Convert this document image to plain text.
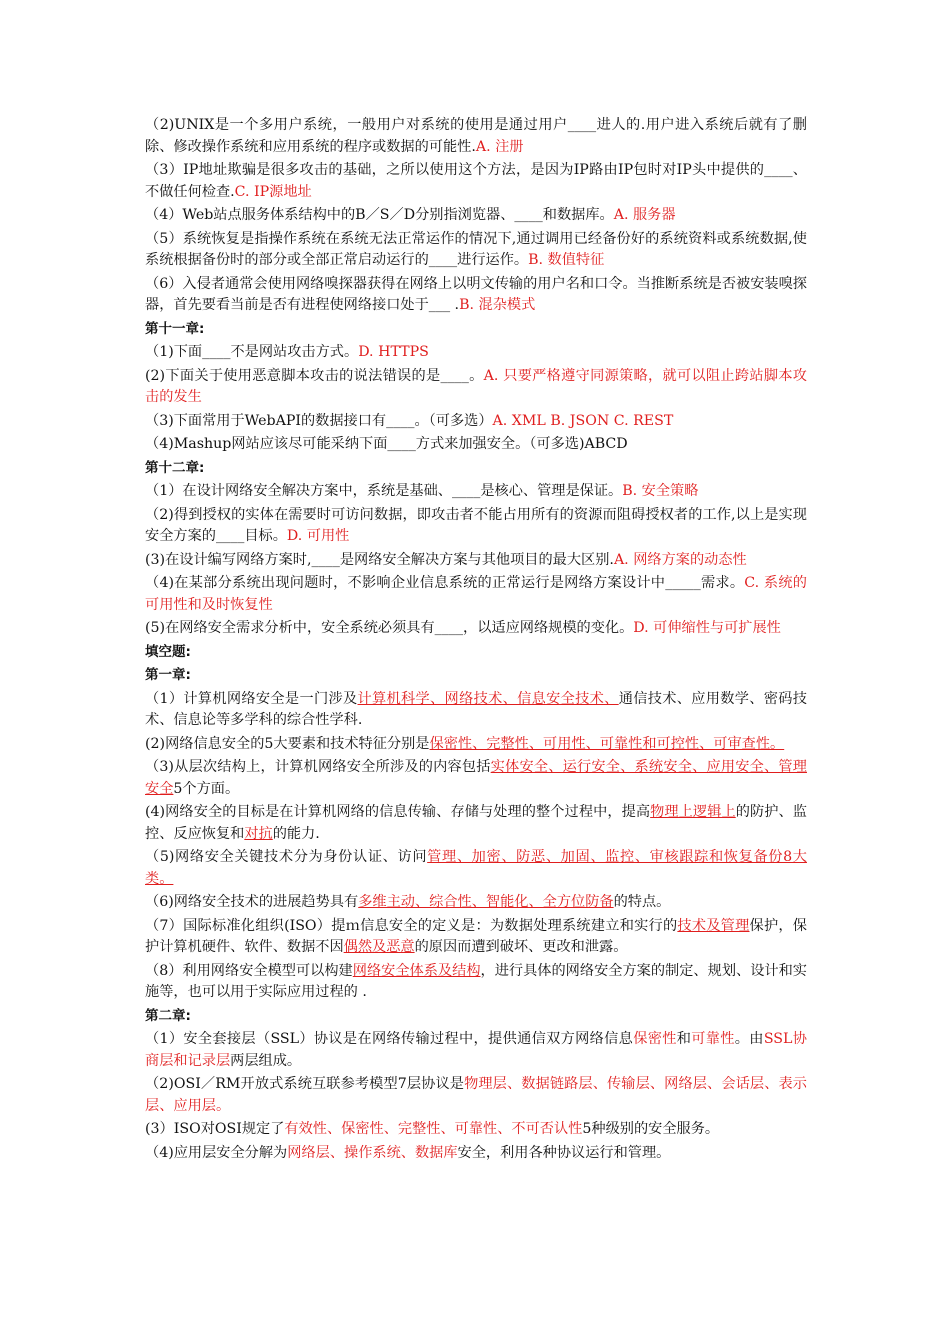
（2)UNIX是一个多用户系统，一般用户对系统的使用是通过用户____进人的.用户进入系统后就有了删除、修改操作系统和应用系统的程序或数据的可能性.A. 注册
（3）IP地址欺骗是很多攻击的基础，之所以使用这个方法，是因为IP路由IP包时对IP头中提供的____、不做任何检查.C. IP源地址
（4）Web站点服务体系结构中的B／S／D分别指浏览器、____和数据库。A. 服务器
（5）系统恢复是指操作系统在系统无法正常运作的情况下,通过调用已经备份好的系统资料或系统数据,使系统根据备份时的部分或全部正常启动运行的____进行运作。B. 数值特征
（6）入侵者通常会使用网络嗅探器获得在网络上以明文传输的用户名和口令。当推断系统是否被安装嗅探器，首先要看当前是否有进程使网络接口处于___ .B. 混杂模式
第十一章:
（1)下面____不是网站攻击方式。D. HTTPS
(2)下面关于使用恶意脚本攻击的说法错误的是____。A. 只要严格遵守同源策略，就可以阻止跨站脚本攻击的发生
（3)下面常用于WebAPI的数据接口有____。（可多选）A. XML B. JSON C. REST
（4)Mashup网站应该尽可能采纳下面____方式来加强安全。（可多选)ABCD
第十二章:
（1）在设计网络安全解决方案中，系统是基础、____是核心、管理是保证。B. 安全策略
（2)得到授权的实体在需要时可访问数据，即攻击者不能占用所有的资源而阻碍授权者的工作,以上是实现安全方案的____目标。D. 可用性
(3)在设计编写网络方案时,____是网络安全解决方案与其他项目的最大区别.A. 网络方案的动态性
（4)在某部分系统出现问题时，不影响企业信息系统的正常运行是网络方案设计中_____需求。C. 系统的可用性和及时恢复性
(5)在网络安全需求分析中，安全系统必须具有____，以适应网络规模的变化。D. 可伸缩性与可扩展性
填空题:
第一章:
（1）计算机网络安全是一门涉及计算机科学、网络技术、信息安全技术、通信技术、应用数学、密码技术、信息论等多学科的综合性学科.
(2)网络信息安全的5大要素和技术特征分别是保密性、完整性、可用性、可靠性和可控性、可审查性。
（3)从层次结构上，计算机网络安全所涉及的内容包括实体安全、运行安全、系统安全、应用安全、管理安全5个方面。
(4)网络安全的目标是在计算机网络的信息传输、存储与处理的整个过程中，提高物理上逻辑上的防护、监控、反应恢复和对抗的能力.
（5)网络安全关键技术分为身份认证、访问管理、加密、防恶、加固、监控、审核跟踪和恢复备份8大类。
（6)网络安全技术的进展趋势具有多维主动、综合性、智能化、全方位防备的特点。
（7）国际标准化组织(ISO）提ｍ信息安全的定义是：为数据处理系统建立和实行的技术及管理保护，保护计算机硬件、软件、数据不因偶然及恶意的原因而遭到破坏、更改和泄露。
（8）利用网络安全模型可以构建网络安全体系及结构，进行具体的网络安全方案的制定、规划、设计和实施等，也可以用于实际应用过程的 .
第二章:
（1）安全套接层（SSL）协议是在网络传输过程中，提供通信双方网络信息保密性和可靠性。由SSL协商层和记录层两层组成。
（2)OSI／RM开放式系统互联参考模型7层协议是物理层、数据链路层、传输层、网络层、会话层、表示层、应用层。
(3）ISO对OSI规定了有效性、保密性、完整性、可靠性、不可否认性5种级别的安全服务。
（4)应用层安全分解为网络层、操作系统、数据库安全，利用各种协议运行和管理。
